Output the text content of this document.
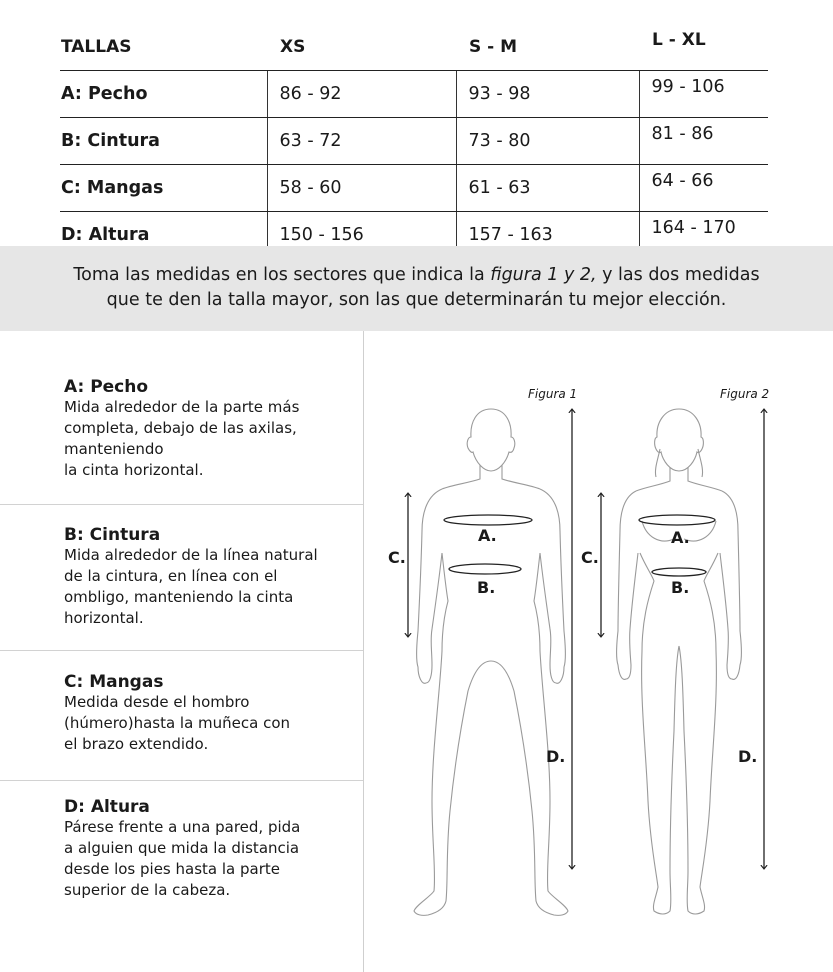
TALLAS	XS	S - M	L - XL
A: Pecho	86 - 92	93 - 98	99 - 106
B: Cintura	63 - 72	73 - 80	81 - 86
C: Mangas	58 - 60	61 - 63	64 - 66
D: Altura	150 - 156	157 - 163	164 - 170
Toma las medidas en los sectores que indica la figura 1 y 2, y las dos medidas
que te den la talla mayor, son las que determinarán tu mejor elección.
A: Pecho

Mida alrededor de la parte más

completa, debajo de las axilas,

manteniendo

la cinta horizontal.

B: Cintura

Mida alrededor de la línea natural

de la cintura, en línea con el

ombligo, manteniendo la cinta

horizontal.

C: Mangas

Medida desde el hombro

(húmero)hasta la muñeca con

el brazo extendido.

D: Altura

Párese frente a una pared, pida

a alguien que mida la distancia

desde los pies hasta la parte

superior de la cabeza.

Figura 1	Figura 2
A.
B.
C.
D.
A.
B.
C.
D.
